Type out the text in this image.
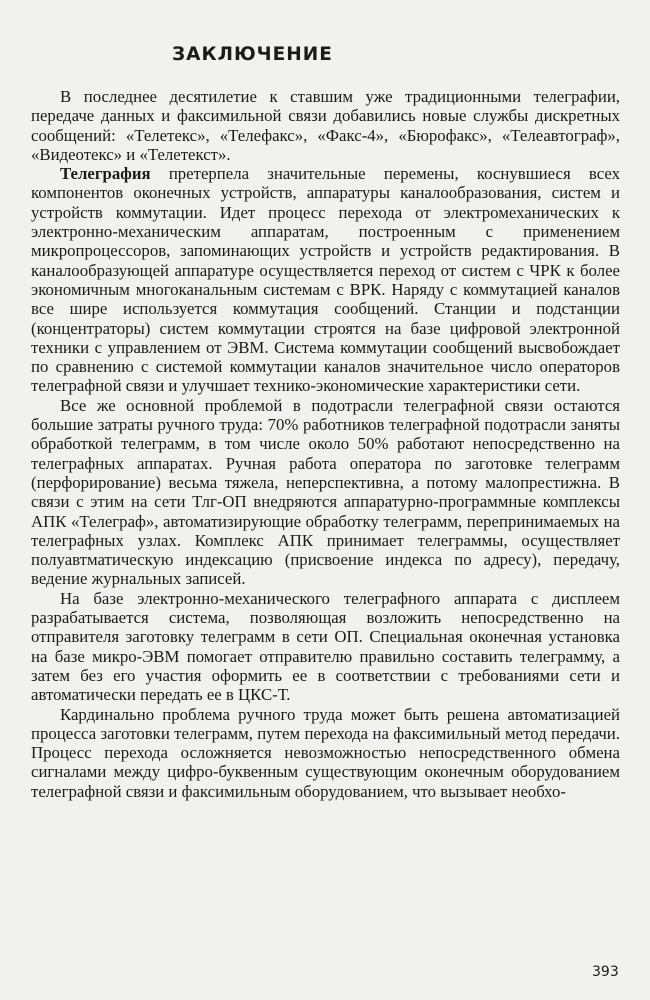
ЗАКЛЮЧЕНИЕ

В последнее десятилетие к ставшим уже традиционными телеграфии, передаче данных и факсимильной связи добавились новые службы дискретных сообщений: «Телетекс», «Телефакс», «Факс-4», «Бюрофакс», «Телеавтограф», «Видеотекс» и «Телетекст».

Телеграфия претерпела значительные перемены, коснувшиеся всех компонентов оконечных устройств, аппаратуры каналообразования, систем и устройств коммутации. Идет процесс перехода от электромеханических к электронно-механическим аппаратам, построенным с применением микропроцессоров, запоминающих устройств и устройств редактирования. В каналообразующей аппаратуре осуществляется переход от систем с ЧРК к более экономичным многоканальным системам с ВРК. Наряду с коммутацией каналов все шире используется коммутация сообщений. Станции и подстанции (концентраторы) систем коммутации строятся на базе цифровой электронной техники с управлением от ЭВМ. Система коммутации сообщений высвобождает по сравнению с системой коммутации каналов значительное число операторов телеграфной связи и улучшает технико-экономические характеристики сети.

Все же основной проблемой в подотрасли телеграфной связи остаются большие затраты ручного труда: 70% работников телеграфной подотрасли заняты обработкой телеграмм, в том числе около 50% работают непосредственно на телеграфных аппаратах. Ручная работа оператора по заготовке телеграмм (перфорирование) весьма тяжела, неперспективна, а потому малопрестижна. В связи с этим на сети Тлг-ОП внедряются аппаратурно-программные комплексы АПК «Телеграф», автоматизирующие обработку телеграмм, перепринимаемых на телеграфных узлах. Комплекс АПК принимает телеграммы, осуществляет полуавтматическую индексацию (присвоение индекса по адресу), передачу, ведение журнальных записей.

На базе электронно-механического телеграфного аппарата с дисплеем разрабатывается система, позволяющая возложить непосредственно на отправителя заготовку телеграмм в сети ОП. Специальная оконечная установка на базе микро-ЭВМ помогает отправителю правильно составить телеграмму, а затем без его участия оформить ее в соответствии с требованиями сети и автоматически передать ее в ЦКС-Т.

Кардинально проблема ручного труда может быть решена автоматизацией процесса заготовки телеграмм, путем перехода на факсимильный метод передачи. Процесс перехода осложняется невозможностью непосредственного обмена сигналами между цифро-буквенным существующим оконечным оборудованием телеграфной связи и факсимильным оборудованием, что вызывает необхо-

393
